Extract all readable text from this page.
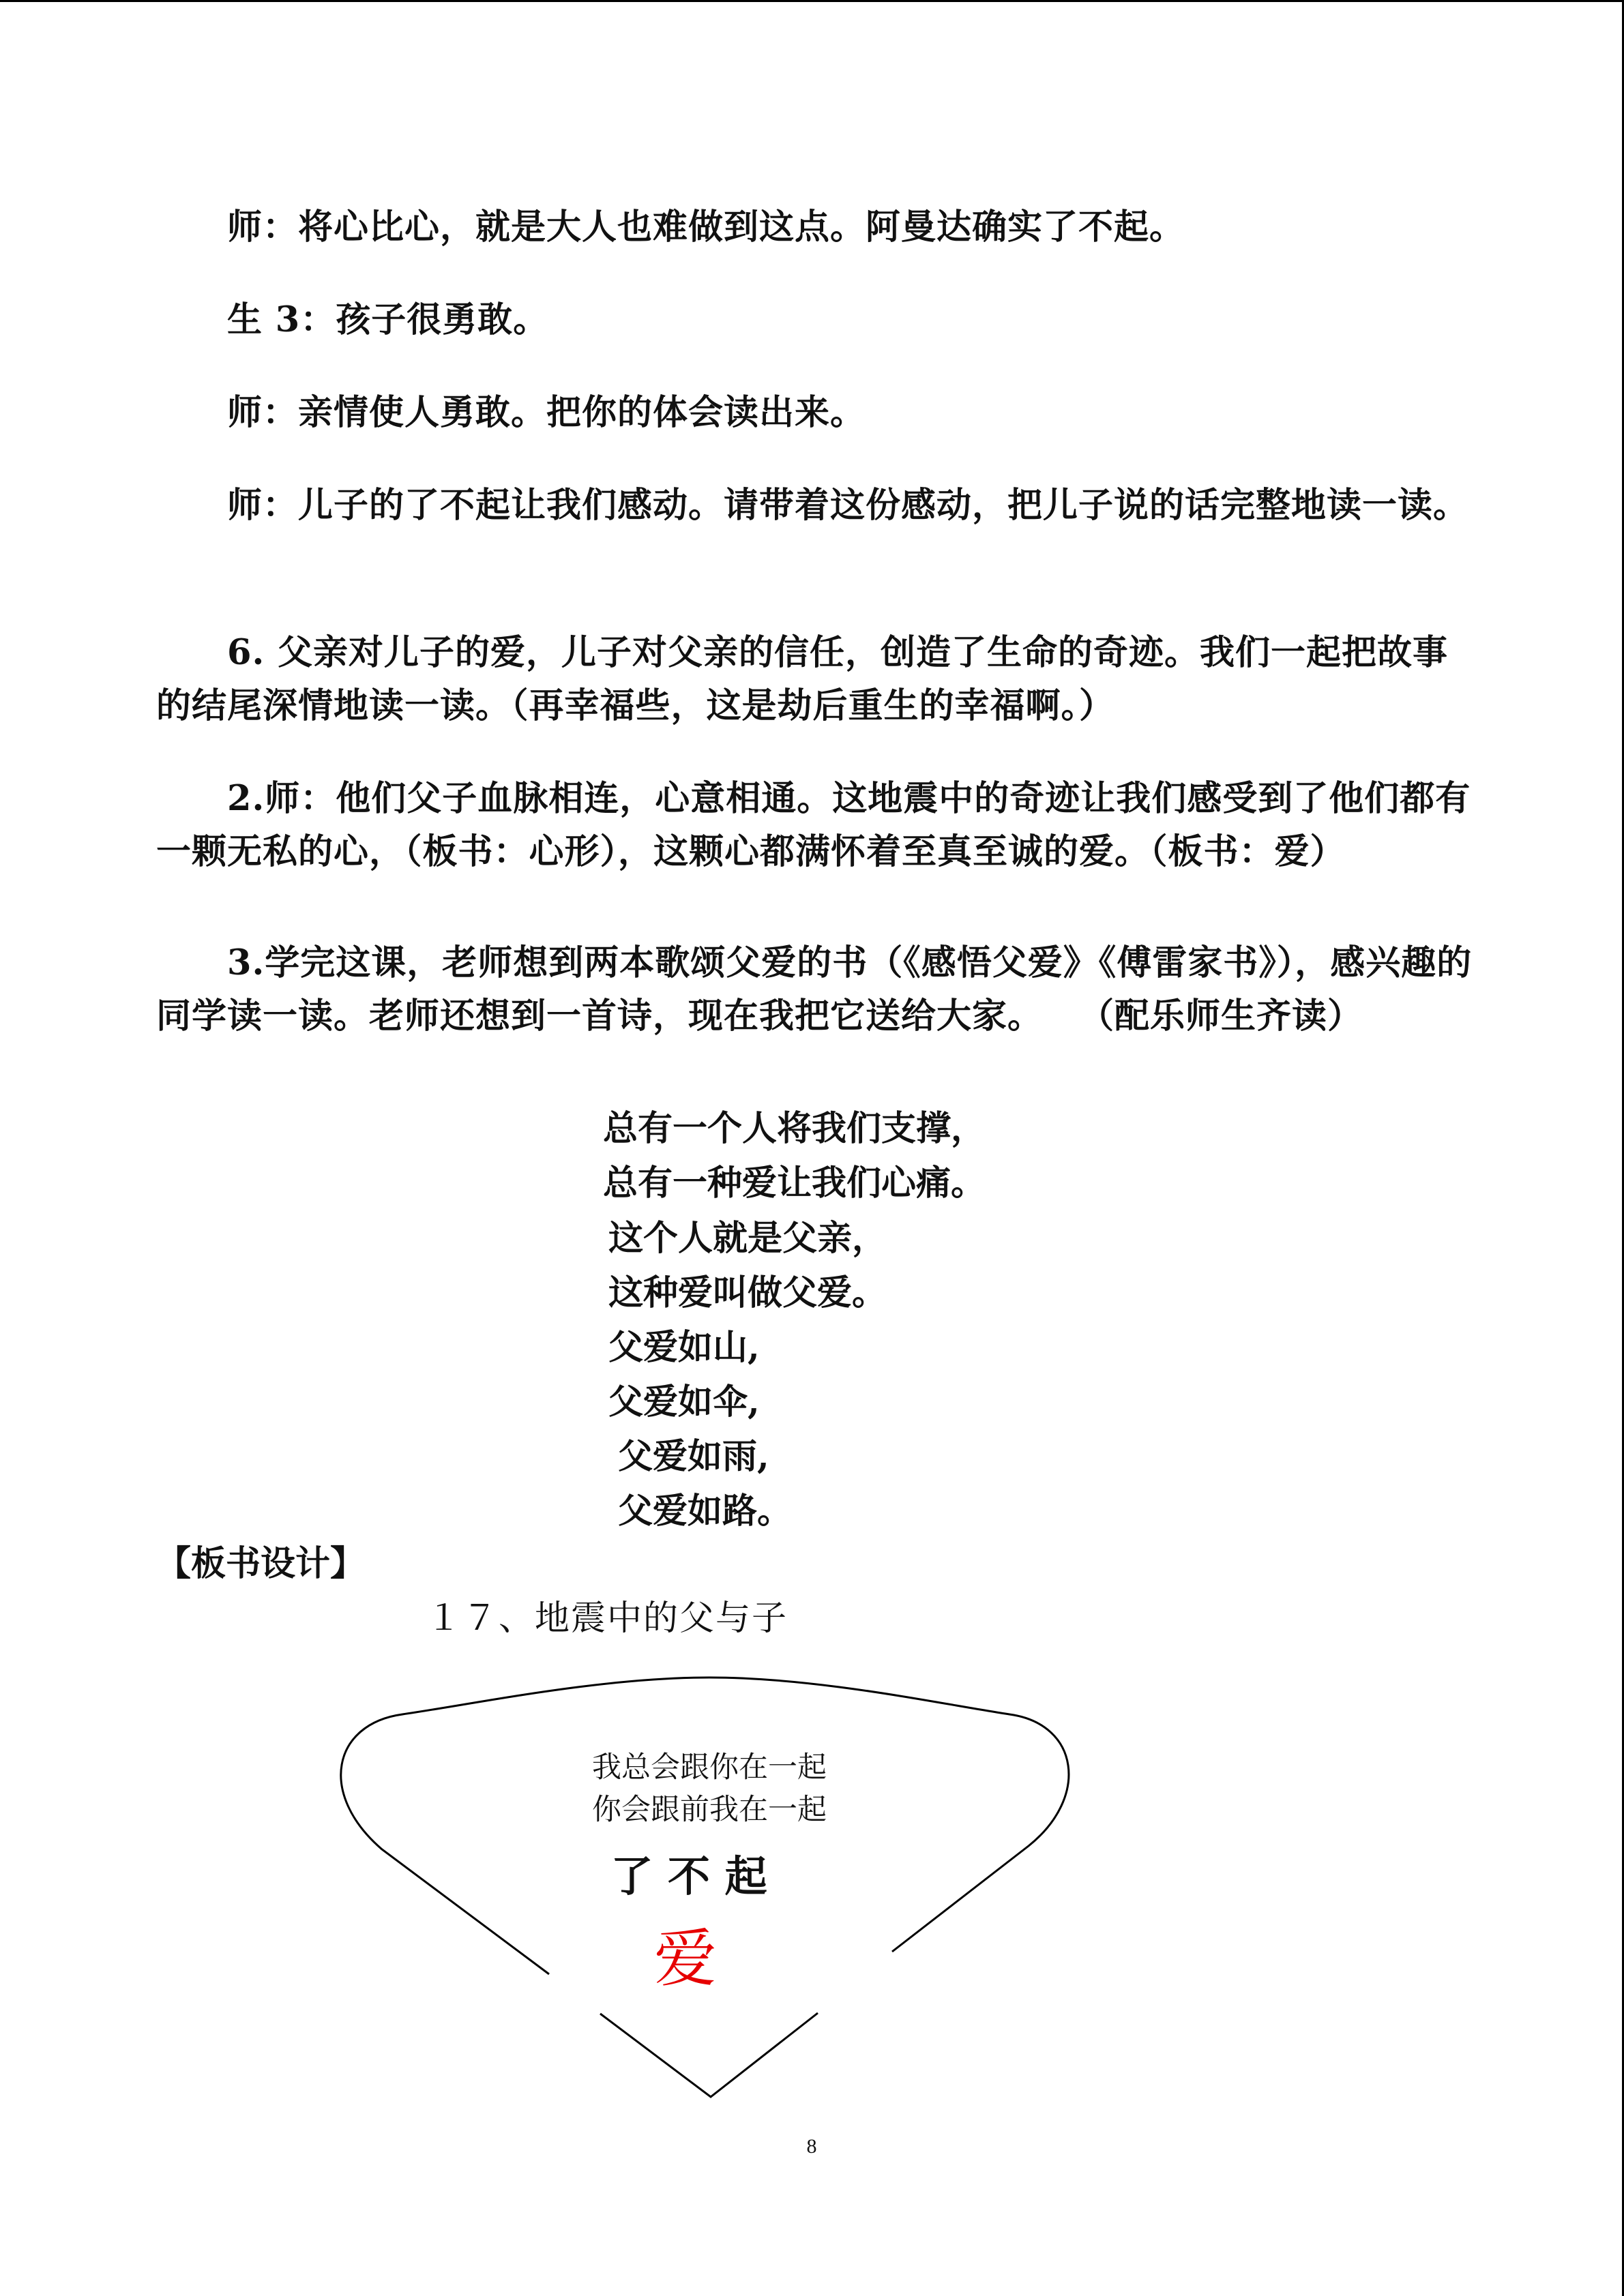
师：将心比心，就是大人也难做到这点。阿曼达确实了不起。

生 3：孩子很勇敢。

师：亲情使人勇敢。把你的体会读出来。

师：儿子的了不起让我们感动。请带着这份感动，把儿子说的话完整地读一读。

6. 父亲对儿子的爱，儿子对父亲的信任，创造了生命的奇迹。我们一起把故事的结尾深情地读一读。（再幸福些，这是劫后重生的幸福啊。）

2.师：他们父子血脉相连，心意相通。这地震中的奇迹让我们感受到了他们都有一颗无私的心，（板书：心形），这颗心都满怀着至真至诚的爱。（板书：爱）

3.学完这课，老师想到两本歌颂父爱的书（《感悟父爱》《傅雷家书》），感兴趣的同学读一读。老师还想到一首诗，现在我把它送给大家。　　（配乐师生齐读）

总有一个人将我们支撑，

总有一种爱让我们心痛。

这个人就是父亲，

这种爱叫做父爱。

父爱如山,

父爱如伞,

父爱如雨,

父爱如路。

【板书设计】

１７、地震中的父与子

我总会跟你在一起
你会跟前我在一起
了 不 起
爱
8
